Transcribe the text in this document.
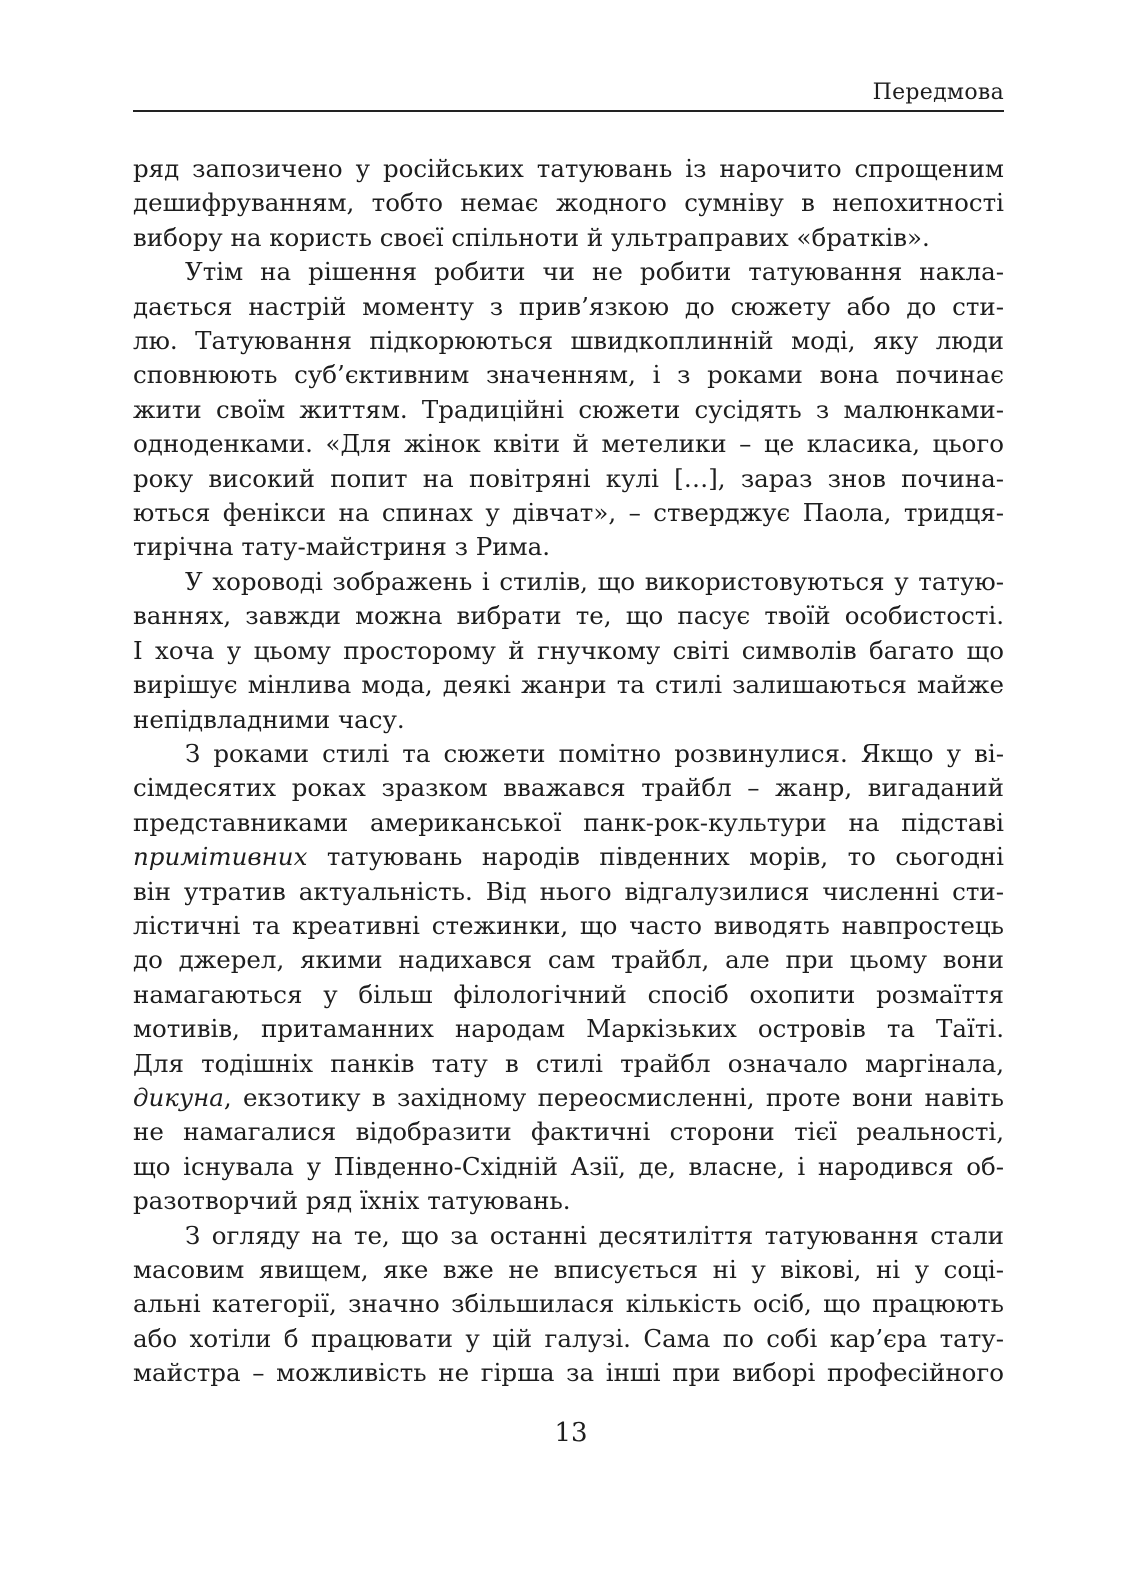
Передмова
ряд запозичено у російських татуювань із нарочито спрощеним
дешифруванням, тобто немає жодного сумніву в непохитності
вибору на користь своєї спільноти й ультраправих «братків».
Утім на рішення робити чи не робити татуювання накла-
дається настрій моменту з прив’язкою до сюжету або до сти-
лю. Татуювання підкорюються швидкоплинній моді, яку люди
сповнюють суб’єктивним значенням, і з роками вона починає
жити своїм життям. Традиційні сюжети сусідять з малюнками-
одноденками. «Для жінок квіти й метелики – це класика, цього
року високий попит на повітряні кулі […], зараз знов почина-
ються фенікси на спинах у дівчат», – стверджує Паола, тридця-
тирічна тату-майстриня з Рима.
У хороводі зображень і стилів, що використовуються у татую-
ваннях, завжди можна вибрати те, що пасує твоїй особистості.
І хоча у цьому просторому й гнучкому світі символів багато що
вирішує мінлива мода, деякі жанри та стилі залишаються майже
непідвладними часу.
З роками стилі та сюжети помітно розвинулися. Якщо у ві-
сімдесятих роках зразком вважався трайбл – жанр, вигаданий
представниками американської панк-рок-культури на підставі
примітивних татуювань народів південних морів, то сьогодні
він утратив актуальність. Від нього відгалузилися численні сти-
лістичні та креативні стежинки, що часто виводять навпростець
до джерел, якими надихався сам трайбл, але при цьому вони
намагаються у більш філологічний спосіб охопити розмаїття
мотивів, притаманних народам Маркізьких островів та Таїті.
Для тодішніх панків тату в стилі трайбл означало маргінала,
дикуна, екзотику в західному переосмисленні, проте вони навіть
не намагалися відобразити фактичні сторони тієї реальності,
що існувала у Південно-Східній Азії, де, власне, і народився об-
разотворчий ряд їхніх татуювань.
З огляду на те, що за останні десятиліття татуювання стали
масовим явищем, яке вже не вписується ні у вікові, ні у соці-
альні категорії, значно збільшилася кількість осіб, що працюють
або хотіли б працювати у цій галузі. Сама по собі кар’єра тату-
майстра – можливість не гірша за інші при виборі професійного
13
